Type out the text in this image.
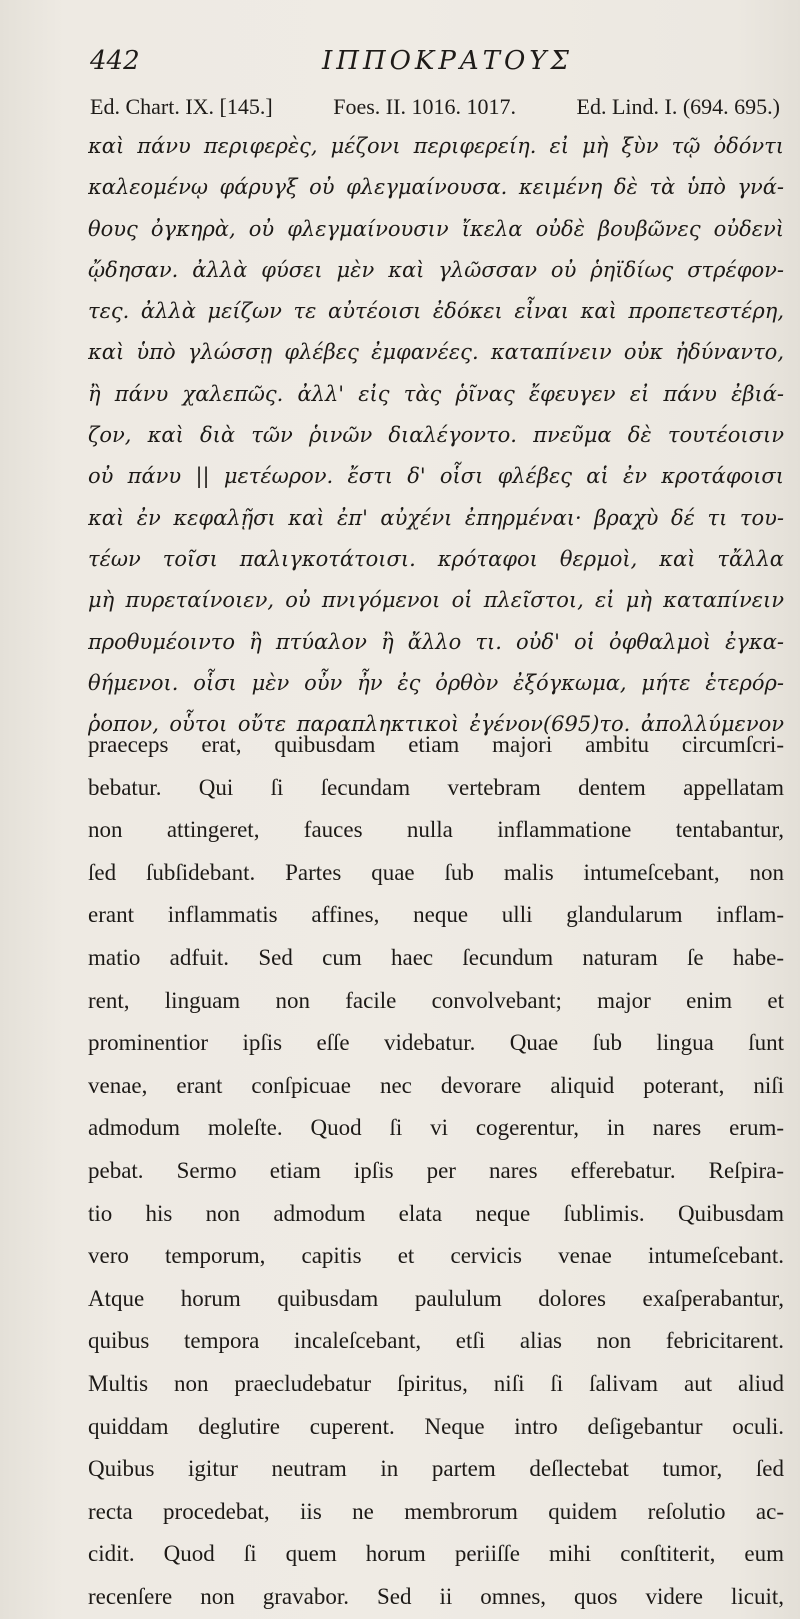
442	ΙΠΠΟΚΡΑΤΟΥΣ
Ed. Chart. IX. [145.]	Foes. II. 1016. 1017.	Ed. Lind. I. (694. 695.)
καὶ πάνυ περιφερὲς, μέζονι περιφερείη. εἰ μὴ ξὺν τῷ ὀδόντι
καλεομένῳ φάρυγξ οὐ φλεγμαίνουσα. κειμένη δὲ τὰ ὑπὸ γνά-
θους ὀγκηρὰ, οὐ φλεγμαίνουσιν ἴκελα οὐδὲ βουβῶνες οὐδενὶ
ᾤδησαν. ἀλλὰ φύσει μὲν καὶ γλῶσσαν οὐ ῥηϊδίως στρέφον-
τες. ἀλλὰ μείζων τε αὐτέοισι ἐδόκει εἶναι καὶ προπετεστέρη,
καὶ ὑπὸ γλώσσῃ φλέβες ἐμφανέες. καταπίνειν οὐκ ἠδύναντο,
ἢ πάνυ χαλεπῶς. ἀλλ' εἰς τὰς ῥῖνας ἔφευγεν εἰ πάνυ ἐβιά-
ζον, καὶ διὰ τῶν ῥινῶν διαλέγοντο. πνεῦμα δὲ τουτέοισιν
οὐ πάνυ || μετέωρον. ἔστι δ' οἷσι φλέβες αἱ ἐν κροτάφοισι
καὶ ἐν κεφαλῇσι καὶ ἐπ' αὐχένι ἐπηρμέναι· βραχὺ δέ τι του-
τέων τοῖσι παλιγκοτάτοισι. κρόταφοι θερμοὶ, καὶ τἄλλα
μὴ πυρεταίνοιεν, οὐ πνιγόμενοι οἱ πλεῖστοι, εἰ μὴ καταπίνειν
προθυμέοιντο ἢ πτύαλον ἢ ἄλλο τι. οὐδ' οἱ ὀφθαλμοὶ ἐγκα-
θήμενοι. οἷσι μὲν οὖν ἦν ἐς ὀρθὸν ἐξόγκωμα, μήτε ἑτερόρ-
ῥοπον, οὗτοι οὔτε παραπληκτικοὶ ἐγένον(695)το. ἀπολλύμενον
praeceps erat, quibusdam etiam majori ambitu circumſcri-
bebatur. Qui ſi ſecundam vertebram dentem appellatam
non attingeret, fauces nulla inflammatione tentabantur,
ſed ſubſidebant. Partes quae ſub malis intumeſcebant, non
erant inflammatis affines, neque ulli glandularum inflam-
matio adfuit. Sed cum haec ſecundum naturam ſe habe-
rent, linguam non facile convolvebant; major enim et
prominentior ipſis eſſe videbatur. Quae ſub lingua ſunt
venae, erant conſpicuae nec devorare aliquid poterant, niſi
admodum moleſte. Quod ſi vi cogerentur, in nares erum-
pebat. Sermo etiam ipſis per nares efferebatur. Reſpira-
tio his non admodum elata neque ſublimis. Quibusdam
vero temporum, capitis et cervicis venae intumeſcebant.
Atque horum quibusdam paululum dolores exaſperabantur,
quibus tempora incaleſcebant, etſi alias non febricitarent.
Multis non praecludebatur ſpiritus, niſi ſi ſalivam aut aliud
quiddam deglutire cuperent. Neque intro deſigebantur oculi.
Quibus igitur neutram in partem deſlectebat tumor, ſed
recta procedebat, iis ne membrorum quidem reſolutio ac-
cidit. Quod ſi quem horum periiſſe mihi conſtiterit, eum
recenſere non gravabor. Sed ii omnes, quos videre licuit,
